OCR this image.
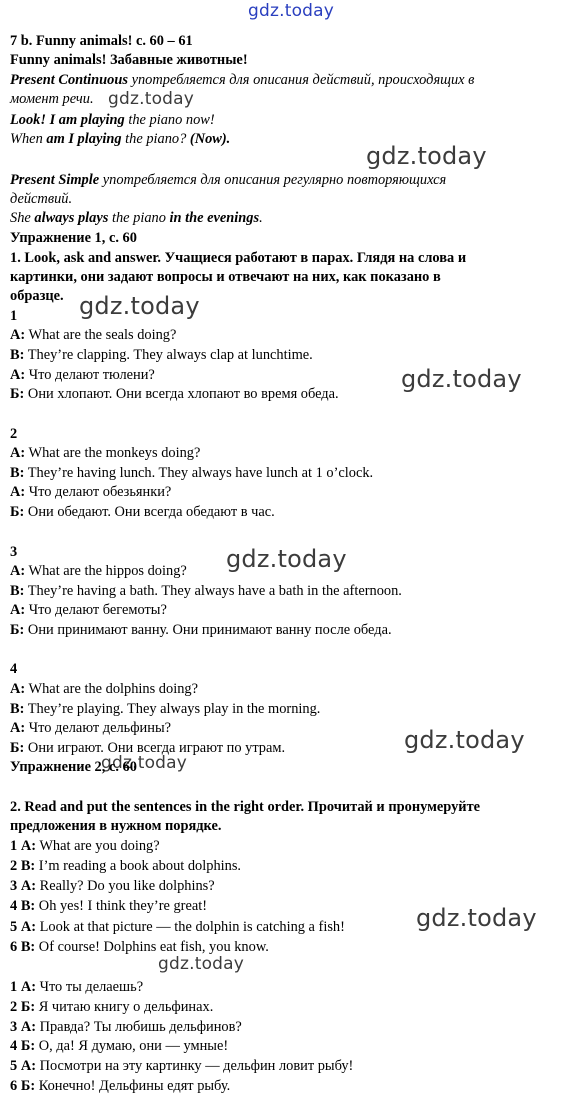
gdz.today
gdz.today
gdz.today
gdz.today
gdz.today
gdz.today
gdz.today
gdz.today
gdz.today
gdz.today
7 b. Funny animals! c. 60 – 61
Funny animals! Забавные животные!
Present Continuous употребляется для описания действий, происходящих в
момент речи.
Look! I am playing the piano now!
When am I playing the piano? (Now).
Present Simple употребляется для описания регулярно повторяющихся
действий.
She always plays the piano in the evenings.
Упражнение 1, с. 60
1. Look, ask and answer. Учащиеся работают в парах. Глядя на слова и
картинки, они задают вопросы и отвечают на них, как показано в
образце.
1
A: What are the seals doing?
B: They’re clapping. They always clap at lunchtime.
А: Что делают тюлени?
Б: Они хлопают. Они всегда хлопают во время обеда.
2
A: What are the monkeys doing?
B: They’re having lunch. They always have lunch at 1 o’clock.
А: Что делают обезьянки?
Б: Они обедают. Они всегда обедают в час.
3
A: What are the hippos doing?
B: They’re having a bath. They always have a bath in the afternoon.
А: Что делают бегемоты?
Б: Они принимают ванну. Они принимают ванну после обеда.
4
A: What are the dolphins doing?
B: They’re playing. They always play in the morning.
А: Что делают дельфины?
Б: Они играют. Они всегда играют по утрам.
Упражнение 2, с. 60
2. Read and put the sentences in the right order. Прочитай и пронумеруйте
предложения в нужном порядке.
1 A: What are you doing?
2 B: I’m reading a book about dolphins.
3 A: Really? Do you like dolphins?
4 B: Oh yes! I think they’re great!
5 A: Look at that picture — the dolphin is catching a fish!
6 B: Of course! Dolphins eat fish, you know.
1 А: Что ты делаешь?
2 Б: Я читаю книгу о дельфинах.
3 А: Правда? Ты любишь дельфинов?
4 Б: О, да! Я думаю, они — умные!
5 А: Посмотри на эту картинку — дельфин ловит рыбу!
6 Б: Конечно! Дельфины едят рыбу.
